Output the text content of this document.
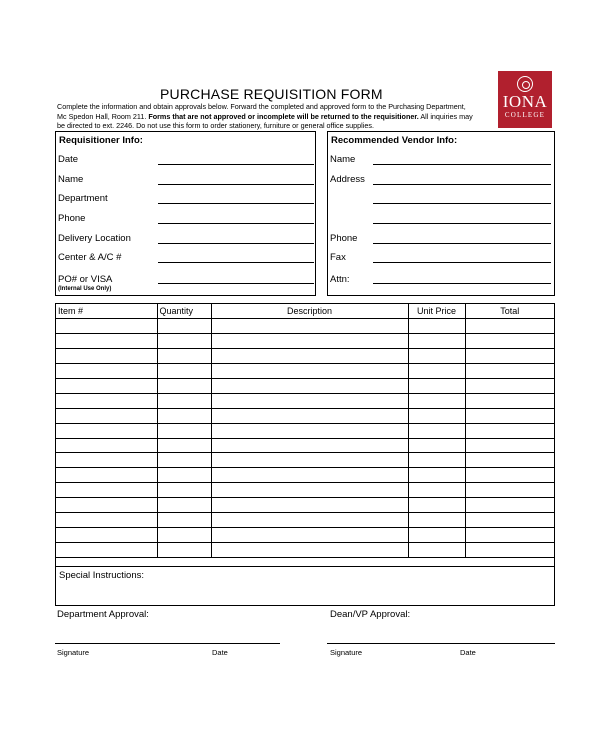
PURCHASE REQUISITION FORM	IONA
COLLEGE
Complete the information and obtain approvals below. Forward the completed and approved form to the Purchasing Department,
Mc Spedon Hall, Room 211. Forms that are not approved or incomplete will be returned to the requisitioner. All inquiries may
be directed to ext. 2246. Do not use this form to order stationery, furniture or general office supplies.
Requisitioner Info:
Date
Name
Department
Phone
Delivery Location
Center & A/C #
PO# or VISA
(Internal Use Only)
Recommended Vendor Info:
Name
Address
Phone
Fax
Attn:
Item #	Quantity	Description	Unit Price	Total

Special Instructions:
Department Approval:
Signature	Date
Dean/VP Approval:
Signature	Date
